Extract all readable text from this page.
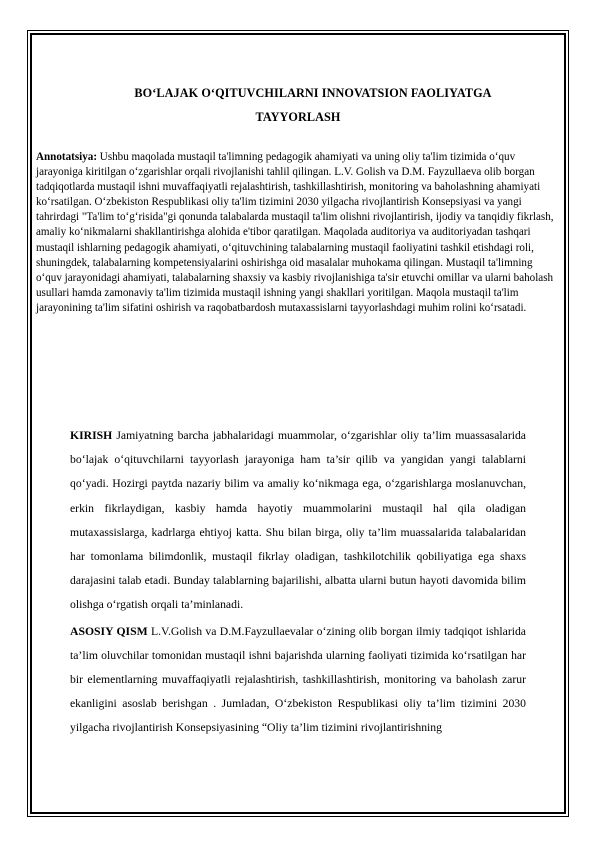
BOʻLAJAK OʻQITUVCHILARNI INNOVATSION FAOLIYATGA
TAYYORLASH
Annotatsiya: Ushbu maqolada mustaqil ta'limning pedagogik ahamiyati va uning oliy ta'lim tizimida oʻquv jarayoniga kiritilgan oʻzgarishlar orqali rivojlanishi tahlil qilingan. L.V. Golish va D.M. Fayzullaeva olib borgan tadqiqotlarda mustaqil ishni muvaffaqiyatli rejalashtirish, tashkillashtirish, monitoring va baholashning ahamiyati koʻrsatilgan. Oʻzbekiston Respublikasi oliy ta'lim tizimini 2030 yilgacha rivojlantirish Konsepsiyasi va yangi tahrirdagi "Ta'lim toʻgʻrisida"gi qonunda talabalarda mustaqil ta'lim olishni rivojlantirish, ijodiy va tanqidiy fikrlash, amaliy koʻnikmalarni shakllantirishga alohida e'tibor qaratilgan. Maqolada auditoriya va auditoriyadan tashqari mustaqil ishlarning pedagogik ahamiyati, oʻqituvchining talabalarning mustaqil faoliyatini tashkil etishdagi roli, shuningdek, talabalarning kompetensiyalarini oshirishga oid masalalar muhokama qilingan. Mustaqil ta'limning oʻquv jarayonidagi ahamiyati, talabalarning shaxsiy va kasbiy rivojlanishiga ta'sir etuvchi omillar va ularni baholash usullari hamda zamonaviy ta'lim tizimida mustaqil ishning yangi shakllari yoritilgan. Maqola mustaqil ta'lim jarayonining ta'lim sifatini oshirish va raqobatbardosh mutaxassislarni tayyorlashdagi muhim rolini koʻrsatadi.

KIRISH Jamiyatning barcha jabhalaridagi muammolar, oʻzgarishlar oliy ta’lim muassasalarida boʻlajak oʻqituvchilarni tayyorlash jarayoniga ham ta’sir qilib va yangidan yangi talablarni qoʻyadi. Hozirgi paytda nazariy bilim va amaliy koʻnikmaga ega, oʻzgarishlarga moslanuvchan, erkin fikrlaydigan, kasbiy hamda hayotiy muammolarini mustaqil hal qila oladigan mutaxassislarga, kadrlarga ehtiyoj katta. Shu bilan birga, oliy ta’lim muassalarida talabalaridan har tomonlama bilimdonlik, mustaqil fikrlay oladigan, tashkilotchilik qobiliyatiga ega shaxs darajasini talab etadi. Bunday talablarning bajarilishi, albatta ularni butun hayoti davomida bilim olishga oʻrgatish orqali ta’minlanadi.

ASOSIY QISM L.V.Golish va D.M.Fayzullaevalar oʻzining olib borgan ilmiy tadqiqot ishlarida ta’lim oluvchilar tomonidan mustaqil ishni bajarishda ularning faoliyati tizimida koʻrsatilgan har bir elementlarning muvaffaqiyatli rejalashtirish, tashkillashtirish, monitoring va baholash zarur ekanligini asoslab berishgan . Jumladan, Oʻzbekiston Respublikasi oliy ta’lim tizimini 2030 yilgacha rivojlantirish Konsepsiyasining “Oliy ta’lim tizimini rivojlantirishning
